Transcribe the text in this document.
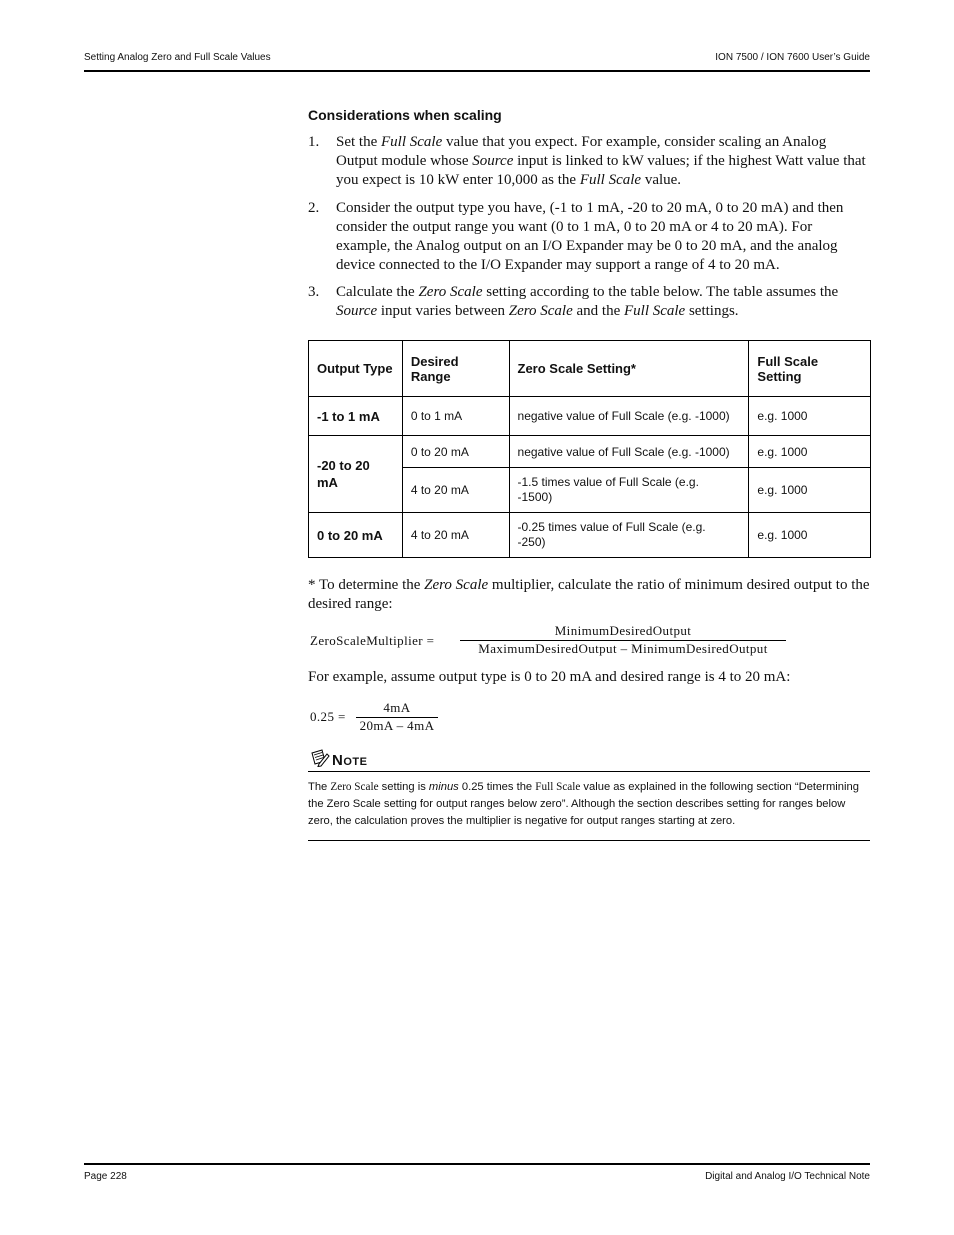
Setting Analog Zero and Full Scale Values	ION 7500 / ION 7600 User’s Guide
Considerations when scaling
1. Set the Full Scale value that you expect. For example, consider scaling an Analog Output module whose Source input is linked to kW values; if the highest Watt value that you expect is 10 kW enter 10,000 as the Full Scale value.
2. Consider the output type you have, (-1 to 1 mA, -20 to 20 mA, 0 to 20 mA) and then consider the output range you want (0 to 1 mA, 0 to 20 mA or 4 to 20 mA). For example, the Analog output on an I/O Expander may be 0 to 20 mA, and the analog device connected to the I/O Expander may support a range of 4 to 20 mA.
3. Calculate the Zero Scale setting according to the table below. The table assumes the Source input varies between Zero Scale and the Full Scale settings.
Output Type	Desired Range	Zero Scale Setting*	Full Scale Setting
-1 to 1 mA	0 to 1 mA	negative value of Full Scale (e.g. -1000)	e.g. 1000
-20 to 20 mA	0 to 20 mA	negative value of Full Scale (e.g. -1000)	e.g. 1000
	4 to 20 mA	-1.5 times value of Full Scale (e.g. -1500)	e.g. 1000
0 to 20 mA	4 to 20 mA	-0.25 times value of Full Scale (e.g. -250)	e.g. 1000
* To determine the Zero Scale multiplier, calculate the ratio of minimum desired output to the desired range:
ZeroScaleMultiplier =
MinimumDesiredOutput
MaximumDesiredOutput – MinimumDesiredOutput
For example, assume output type is 0 to 20 mA and desired range is 4 to 20 mA:
$0.25 = \frac{4mA}{20mA - 4mA}$
Note
The Zero Scale setting is minus 0.25 times the Full Scale value as explained in the following section “Determining the Zero Scale setting for output ranges below zero”. Although the section describes setting for ranges below zero, the calculation proves the multiplier is negative for output ranges starting at zero.
Page 228	Digital and Analog I/O Technical Note
